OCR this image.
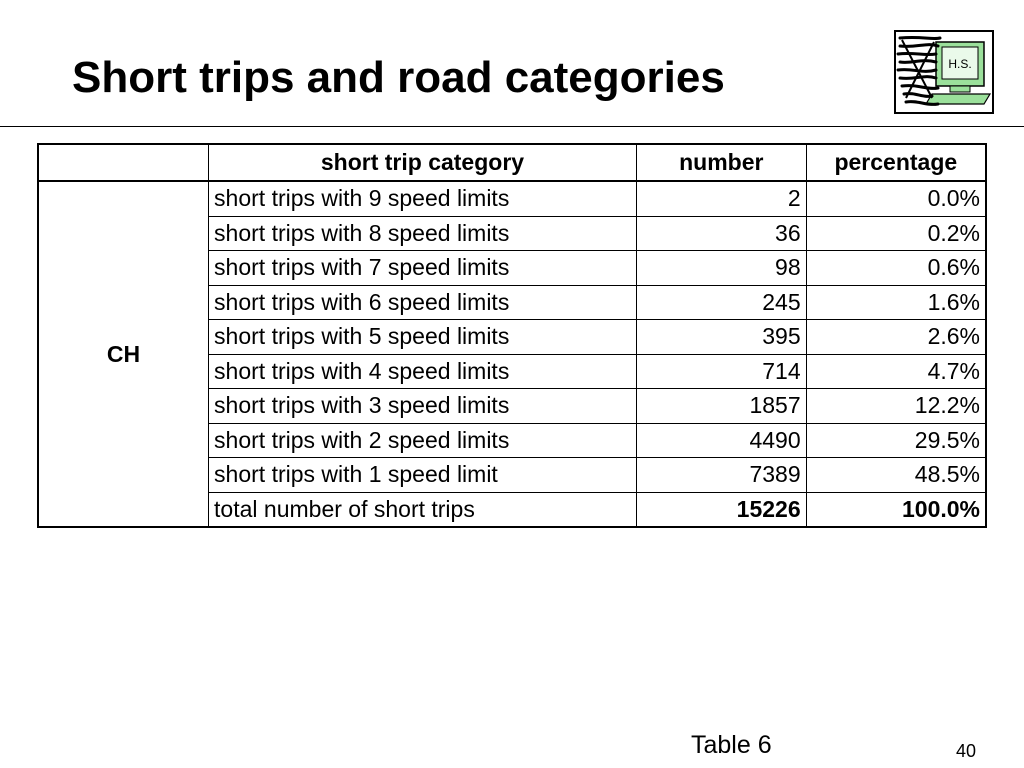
Short trips and road categories	H.S.
	short trip category	number	percentage
CH	short trips with 9 speed limits	2	0.0%
	short trips with 8 speed limits	36	0.2%
	short trips with 7 speed limits	98	0.6%
	short trips with 6 speed limits	245	1.6%
	short trips with 5 speed limits	395	2.6%
	short trips with 4 speed limits	714	4.7%
	short trips with 3 speed limits	1857	12.2%
	short trips with 2 speed limits	4490	29.5%
	short trips with 1 speed limit	7389	48.5%
	total number of short trips	15226	100.0%
Table 6	40
